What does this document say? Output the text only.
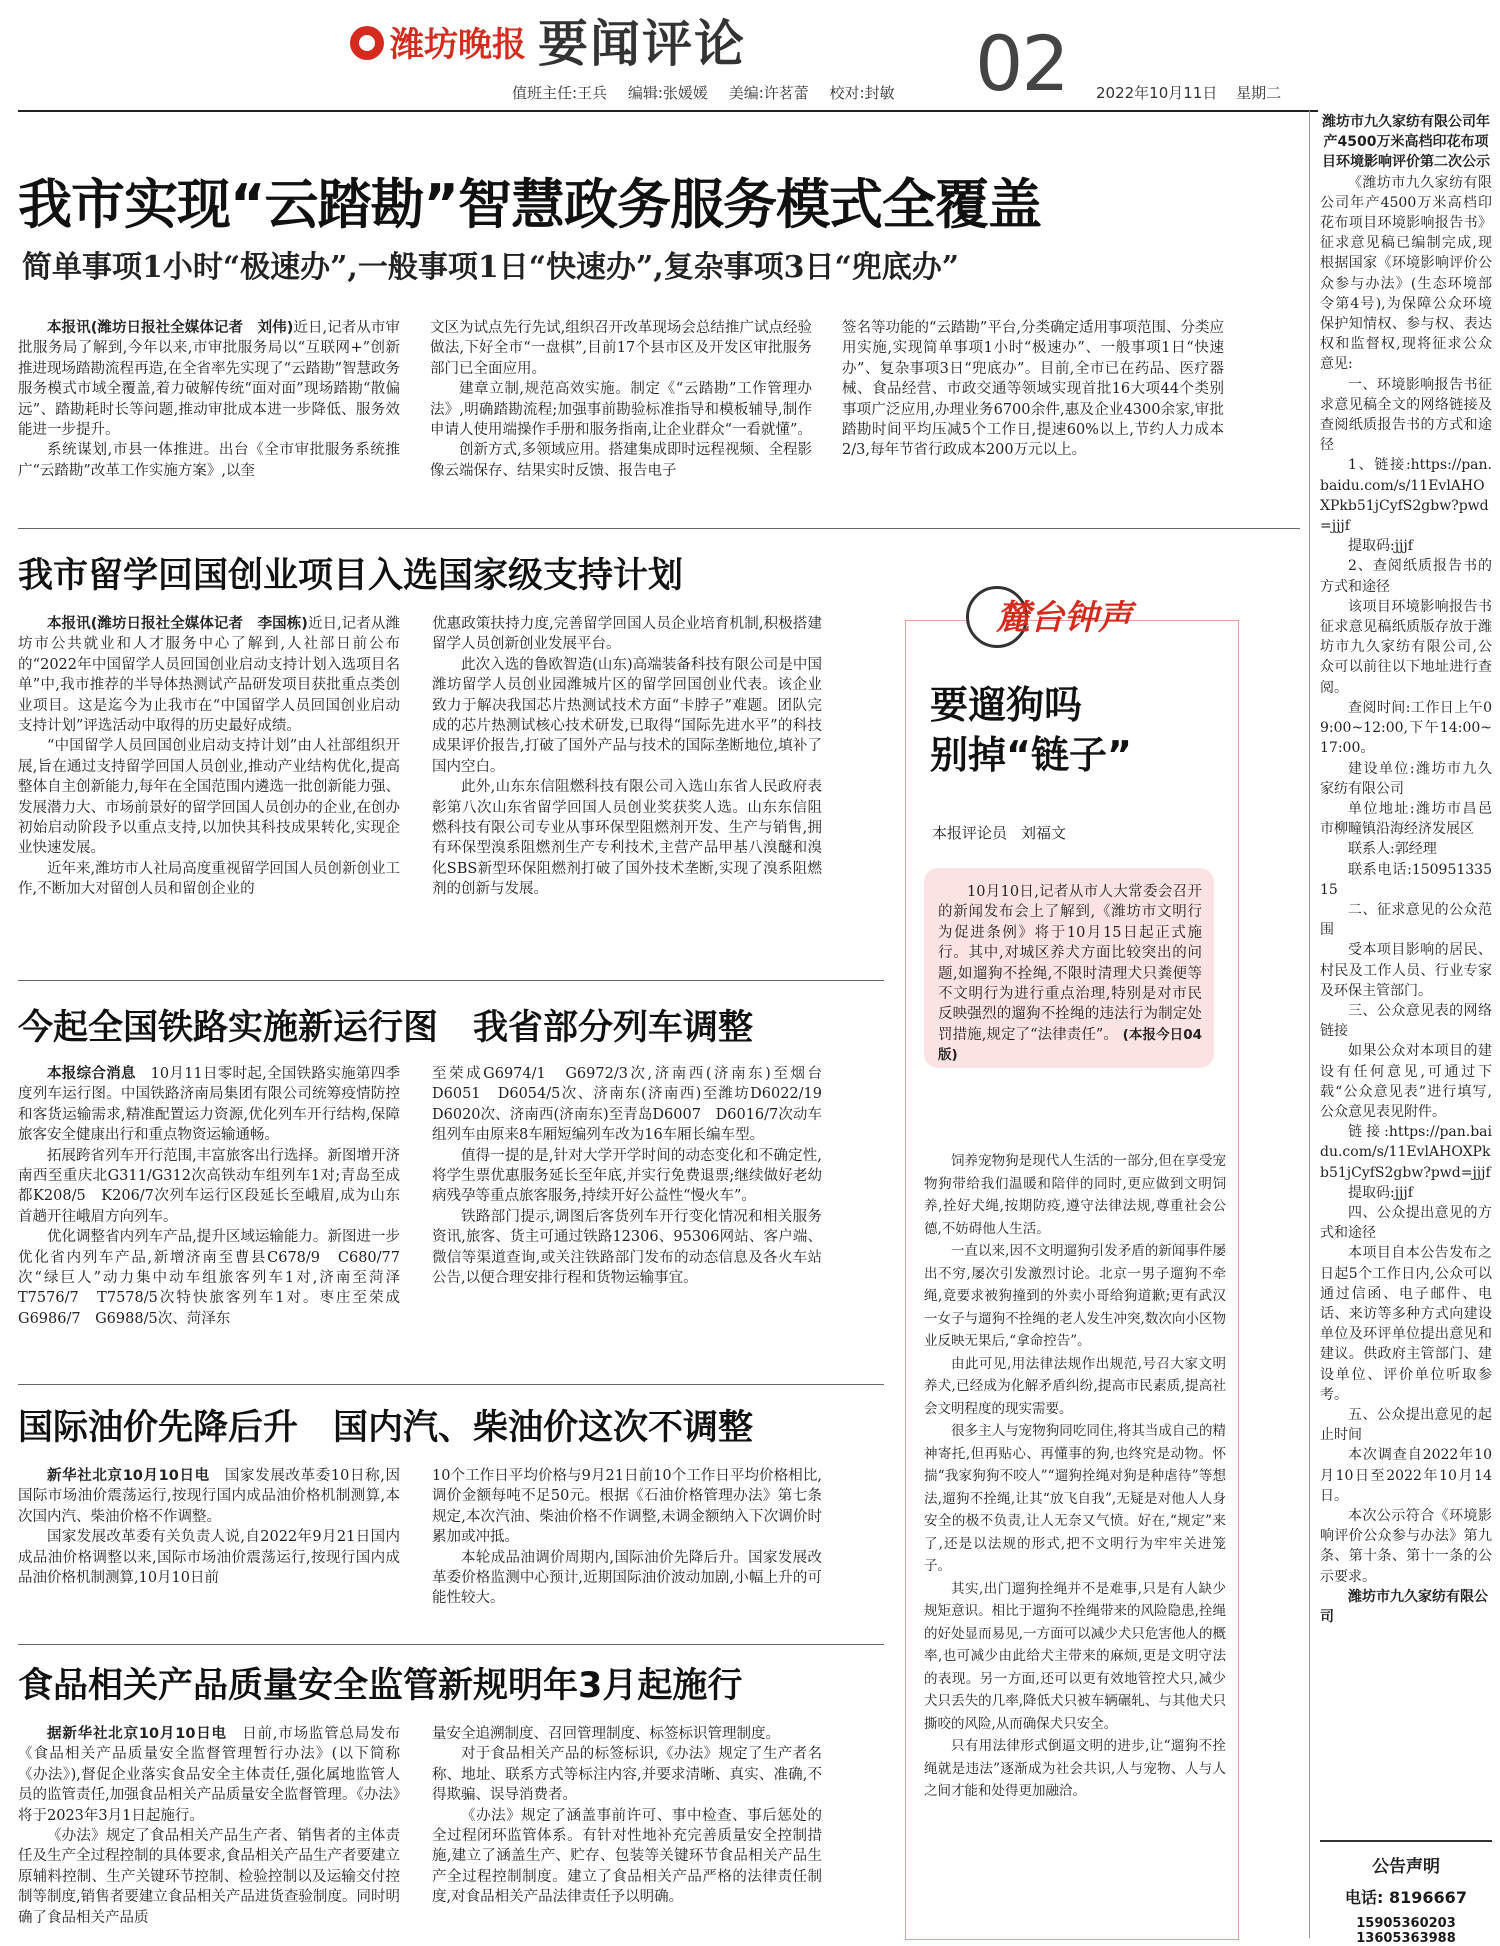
潍坊晚报 要闻评论	02
值班主任:王兵 编辑:张媛媛 美编:许茗蕾 校对:封敏	2022年10月11日 星期二
我市实现“云踏勘”智慧政务服务模式全覆盖
简单事项1小时“极速办”,一般事项1日“快速办”,复杂事项3日“兜底办”

本报讯(潍坊日报社全媒体记者　刘伟)近日,记者从市审批服务局了解到,今年以来,市审批服务局以“互联网+”创新推进现场踏勘流程再造,在全省率先实现了“云踏勘”智慧政务服务模式市域全覆盖,着力破解传统“面对面”现场踏勘“散偏远”、踏勘耗时长等问题,推动审批成本进一步降低、服务效能进一步提升。

系统谋划,市县一体推进。出台《全市审批服务系统推广“云踏勘”改革工作实施方案》,以奎

文区为试点先行先试,组织召开改革现场会总结推广试点经验做法,下好全市“一盘棋”,目前17个县市区及开发区审批服务部门已全面应用。

建章立制,规范高效实施。制定《“云踏勘”工作管理办法》,明确踏勘流程;加强事前勘验标准指导和模板辅导,制作申请人使用端操作手册和服务指南,让企业群众“一看就懂”。

创新方式,多领域应用。搭建集成即时远程视频、全程影像云端保存、结果实时反馈、报告电子

签名等功能的“云踏勘”平台,分类确定适用事项范围、分类应用实施,实现简单事项1小时“极速办”、一般事项1日“快速办”、复杂事项3日“兜底办”。目前,全市已在药品、医疗器械、食品经营、市政交通等领域实现首批16大项44个类别事项广泛应用,办理业务6700余件,惠及企业4300余家,审批踏勘时间平均压减5个工作日,提速60%以上,节约人力成本2/3,每年节省行政成本200万元以上。

我市留学回国创业项目入选国家级支持计划

本报讯(潍坊日报社全媒体记者　李国栋)近日,记者从潍坊市公共就业和人才服务中心了解到,人社部日前公布的“2022年中国留学人员回国创业启动支持计划入选项目名单”中,我市推荐的半导体热测试产品研发项目获批重点类创业项目。这是迄今为止我市在“中国留学人员回国创业启动支持计划”评选活动中取得的历史最好成绩。

“中国留学人员回国创业启动支持计划”由人社部组织开展,旨在通过支持留学回国人员创业,推动产业结构优化,提高整体自主创新能力,每年在全国范围内遴选一批创新能力强、发展潜力大、市场前景好的留学回国人员创办的企业,在创办初始启动阶段予以重点支持,以加快其科技成果转化,实现企业快速发展。

近年来,潍坊市人社局高度重视留学回国人员创新创业工作,不断加大对留创人员和留创企业的

优惠政策扶持力度,完善留学回国人员企业培育机制,积极搭建留学人员创新创业发展平台。

此次入选的鲁欧智造(山东)高端装备科技有限公司是中国潍坊留学人员创业园潍城片区的留学回国创业代表。该企业致力于解决我国芯片热测试技术方面“卡脖子”难题。团队完成的芯片热测试核心技术研发,已取得“国际先进水平”的科技成果评价报告,打破了国外产品与技术的国际垄断地位,填补了国内空白。

此外,山东东信阻燃科技有限公司入选山东省人民政府表彰第八次山东省留学回国人员创业奖获奖人选。山东东信阻燃科技有限公司专业从事环保型阻燃剂开发、生产与销售,拥有环保型溴系阻燃剂生产专利技术,主营产品甲基八溴醚和溴化SBS新型环保阻燃剂打破了国外技术垄断,实现了溴系阻燃剂的创新与发展。

今起全国铁路实施新运行图　我省部分列车调整

本报综合消息　 10月11日零时起,全国铁路实施第四季度列车运行图。中国铁路济南局集团有限公司统筹疫情防控和客货运输需求,精准配置运力资源,优化列车开行结构,保障旅客安全健康出行和重点物资运输通畅。

拓展跨省列车开行范围,丰富旅客出行选择。新图增开济南西至重庆北G311/G312次高铁动车组列车1对;青岛至成都K208/5　K206/7次列车运行区段延长至峨眉,成为山东首趟开往峨眉方向列车。

优化调整省内列车产品,提升区域运输能力。新图进一步优化省内列车产品,新增济南至曹县C678/9　C680/77次“绿巨人”动力集中动车组旅客列车1对,济南至菏泽T7576/7　T7578/5次特快旅客列车1对。枣庄至荣成G6986/7　G6988/5次、菏泽东

至荣成G6974/1　G6972/3次,济南西(济南东)至烟台D6051　D6054/5次、济南东(济南西)至潍坊D6022/19　D6020次、济南西(济南东)至青岛D6007　D6016/7次动车组列车由原来8车厢短编列车改为16车厢长编车型。

值得一提的是,针对大学开学时间的动态变化和不确定性,将学生票优惠服务延长至年底,并实行免费退票;继续做好老幼病残孕等重点旅客服务,持续开好公益性“慢火车”。

铁路部门提示,调图后客货列车开行变化情况和相关服务资讯,旅客、货主可通过铁路12306、95306网站、客户端、微信等渠道查询,或关注铁路部门发布的动态信息及各火车站公告,以便合理安排行程和货物运输事宜。

国际油价先降后升　国内汽、柴油价这次不调整

新华社北京10月10日电　 国家发展改革委10日称,因国际市场油价震荡运行,按现行国内成品油价格机制测算,本次国内汽、柴油价格不作调整。

国家发展改革委有关负责人说,自2022年9月21日国内成品油价格调整以来,国际市场油价震荡运行,按现行国内成品油价格机制测算,10月10日前

10个工作日平均价格与9月21日前10个工作日平均价格相比,调价金额每吨不足50元。根据《石油价格管理办法》第七条规定,本次汽油、柴油价格不作调整,未调金额纳入下次调价时累加或冲抵。

本轮成品油调价周期内,国际油价先降后升。国家发展改革委价格监测中心预计,近期国际油价波动加剧,小幅上升的可能性较大。

食品相关产品质量安全监管新规明年3月起施行

据新华社北京10月10日电　 日前,市场监管总局发布《食品相关产品质量安全监督管理暂行办法》(以下简称《办法》),督促企业落实食品安全主体责任,强化属地监管人员的监管责任,加强食品相关产品质量安全监督管理。《办法》将于2023年3月1日起施行。

《办法》规定了食品相关产品生产者、销售者的主体责任及生产全过程控制的具体要求,食品相关产品生产者要建立原辅料控制、生产关键环节控制、检验控制以及运输交付控制等制度,销售者要建立食品相关产品进货查验制度。同时明确了食品相关产品质

量安全追溯制度、召回管理制度、标签标识管理制度。

对于食品相关产品的标签标识,《办法》规定了生产者名称、地址、联系方式等标注内容,并要求清晰、真实、准确,不得欺骗、误导消费者。

《办法》规定了涵盖事前许可、事中检查、事后惩处的全过程闭环监管体系。有针对性地补充完善质量安全控制措施,建立了涵盖生产、贮存、包装等关键环节食品相关产品生产全过程控制制度。建立了食品相关产品严格的法律责任制度,对食品相关产品法律责任予以明确。

麓台钟声
要遛狗吗
别掉“链子”
本报评论员 刘福文
10月10日,记者从市人大常委会召开的新闻发布会上了解到,《潍坊市文明行为促进条例》将于10月15日起正式施行。其中,对城区养犬方面比较突出的问题,如遛狗不拴绳,不限时清理犬只粪便等不文明行为进行重点治理,特别是对市民反映强烈的遛狗不拴绳的违法行为制定处罚措施,规定了“法律责任”。 (本报今日04版)

饲养宠物狗是现代人生活的一部分,但在享受宠物狗带给我们温暖和陪伴的同时,更应做到文明饲养,拴好犬绳,按期防疫,遵守法律法规,尊重社会公德,不妨碍他人生活。

一直以来,因不文明遛狗引发矛盾的新闻事件屡出不穷,屡次引发激烈讨论。北京一男子遛狗不牵绳,竟要求被狗撞到的外卖小哥给狗道歉;更有武汉一女子与遛狗不拴绳的老人发生冲突,数次向小区物业反映无果后,“拿命控告”。

由此可见,用法律法规作出规范,号召大家文明养犬,已经成为化解矛盾纠纷,提高市民素质,提高社会文明程度的现实需要。

很多主人与宠物狗同吃同住,将其当成自己的精神寄托,但再贴心、再懂事的狗,也终究是动物。怀揣“我家狗狗不咬人”“遛狗拴绳对狗是种虐待”等想法,遛狗不拴绳,让其“放飞自我”,无疑是对他人人身安全的极不负责,让人无奈又气愤。好在,“规定”来了,还是以法规的形式,把不文明行为牢牢关进笼子。

其实,出门遛狗拴绳并不是难事,只是有人缺少规矩意识。相比于遛狗不拴绳带来的风险隐患,拴绳的好处显而易见,一方面可以减少犬只危害他人的概率,也可减少由此给犬主带来的麻烦,更是文明守法的表现。另一方面,还可以更有效地管控犬只,减少犬只丢失的几率,降低犬只被车辆碾轧、与其他犬只撕咬的风险,从而确保犬只安全。

只有用法律形式倒逼文明的进步,让“遛狗不拴绳就是违法”逐渐成为社会共识,人与宠物、人与人之间才能和处得更加融洽。

潍坊市九久家纺有限公司年产4500万米高档印花布项目环境影响评价第二次公示

《潍坊市九久家纺有限公司年产4500万米高档印花布项目环境影响报告书》征求意见稿已编制完成,现根据国家《环境影响评价公众参与办法》(生态环境部令第4号),为保障公众环境保护知情权、参与权、表达权和监督权,现将征求公众意见:

一、环境影响报告书征求意见稿全文的网络链接及查阅纸质报告书的方式和途径

1、链接:https://pan.baidu.com/s/11EvlAHOXPkb51jCyfS2gbw?pwd=jjjf

提取码:jjjf

2、查阅纸质报告书的方式和途径

该项目环境影响报告书征求意见稿纸质版存放于潍坊市九久家纺有限公司,公众可以前往以下地址进行查阅。

查阅时间:工作日上午09:00~12:00,下午14:00~17:00。

建设单位:潍坊市九久家纺有限公司

单位地址:潍坊市昌邑市柳疃镇沿海经济发展区

联系人:郭经理

联系电话:15095133515

二、征求意见的公众范围

受本项目影响的居民、村民及工作人员、行业专家及环保主管部门。

三、公众意见表的网络链接

如果公众对本项目的建设有任何意见,可通过下载“公众意见表”进行填写,公众意见表见附件。

链接:https://pan.baidu.com/s/11EvlAHOXPkb51jCyfS2gbw?pwd=jjjf

提取码:jjjf

四、公众提出意见的方式和途径

本项目自本公告发布之日起5个工作日内,公众可以通过信函、电子邮件、电话、来访等多种方式向建设单位及环评单位提出意见和建议。供政府主管部门、建设单位、评价单位听取参考。

五、公众提出意见的起止时间

本次调查自2022年10月10日至2022年10月14日。

本次公示符合《环境影响评价公众参与办法》第九条、第十条、第十一条的公示要求。

潍坊市九久家纺有限公司
公告声明
电话: 8196667
15905360203 13605363988
